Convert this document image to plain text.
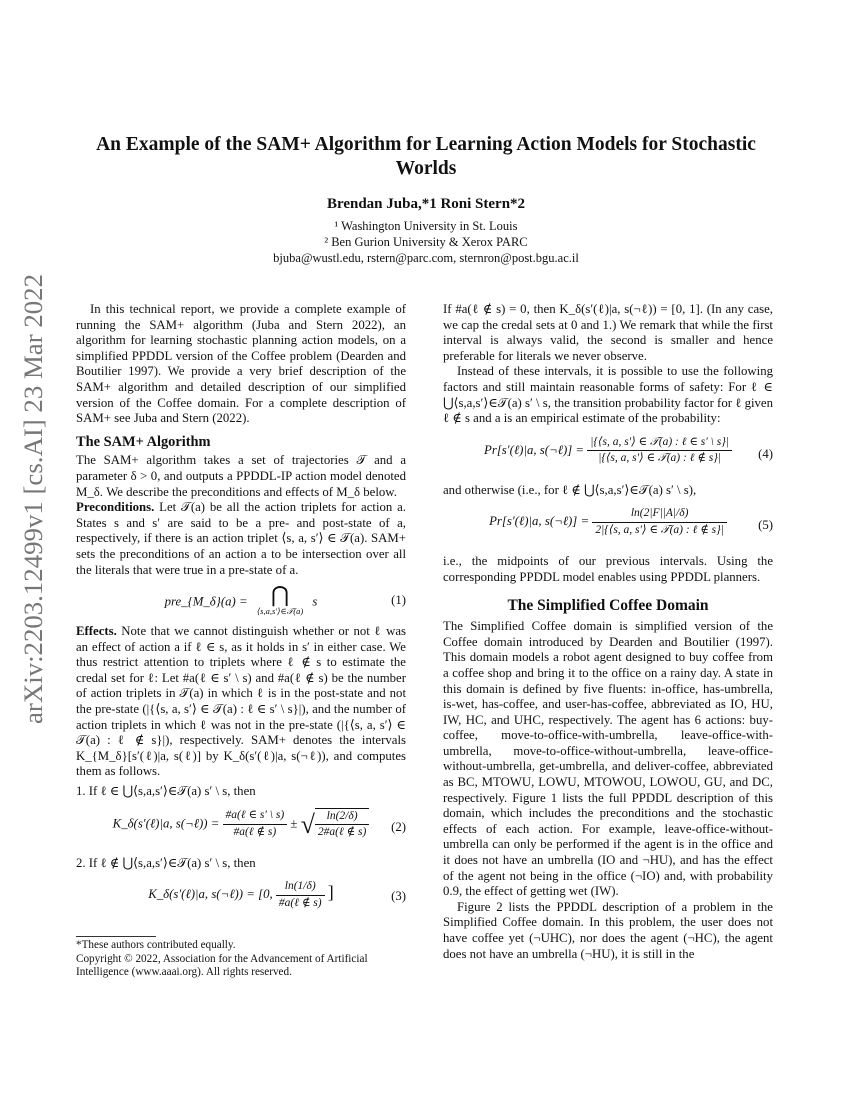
arXiv:2203.12499v1 [cs.AI] 23 Mar 2022
An Example of the SAM+ Algorithm for Learning Action Models for Stochastic
Worlds
Brendan Juba,*1 Roni Stern*2
¹ Washington University in St. Louis
² Ben Gurion University & Xerox PARC
bjuba@wustl.edu, rstern@parc.com, sternron@post.bgu.ac.il

In this technical report, we provide a complete example of running the SAM+ algorithm (Juba and Stern 2022), an algorithm for learning stochastic planning action models, on a simplified PPDDL version of the Coffee problem (Dearden and Boutilier 1997). We provide a very brief description of the SAM+ algorithm and detailed description of our simplified version of the Coffee domain. For a complete description of SAM+ see Juba and Stern (2022).

The SAM+ Algorithm

The SAM+ algorithm takes a set of trajectories 𝒯 and a parameter δ > 0, and outputs a PPDDL-IP action model denoted M_δ. We describe the preconditions and effects of M_δ below.

Preconditions. Let 𝒯(a) be all the action triplets for action a. States s and s′ are said to be a pre- and post-state of a, respectively, if there is an action triplet ⟨s, a, s′⟩ ∈ 𝒯(a). SAM+ sets the preconditions of an action a to be intersection over all the literals that were true in a pre-state of a.

pre_{M_δ}(a) =	⋂
⟨s,a,s′⟩∈𝒯(a)
s	(1)

Effects. Note that we cannot distinguish whether or not ℓ was an effect of action a if ℓ ∈ s, as it holds in s′ in either case. We thus restrict attention to triplets where ℓ ∉ s to estimate the credal set for ℓ: Let #a(ℓ ∈ s′ \ s) and #a(ℓ ∉ s) be the number of action triplets in 𝒯(a) in which ℓ is in the post-state and not the pre-state (|{⟨s, a, s′⟩ ∈ 𝒯(a) : ℓ ∈ s′ \ s}|), and the number of action triplets in which ℓ was not in the pre-state (|{⟨s, a, s′⟩ ∈ 𝒯(a) : ℓ ∉ s}|), respectively. SAM+ denotes the intervals K_{M_δ}[s′(ℓ)|a, s(ℓ)] by K_δ(s′(ℓ)|a, s(¬ℓ)), and computes them as follows.

1. If ℓ ∈ ⋃⟨s,a,s′⟩∈𝒯(a) s′ \ s, then

K_δ(s′(ℓ)|a, s(¬ℓ)) = $\frac{\text{\#a(ℓ ∈ s′ \textbackslash{} s)}}{\text{\#a(ℓ ∉ s)}}$ ± √ $\frac{\ln(2/\delta)}{\text{2\#a(ℓ ∉ s)}} (2)$

2. If ℓ ∉ ⋃⟨s,a,s′⟩∈𝒯(a) s′ \ s, then

K_δ(s′(ℓ)|a, s(¬ℓ)) = [0, $\frac{\ln(1/\delta)}{\text{\#a(ℓ ∉ s)}}$ ]	(3)
*These authors contributed equally.
Copyright © 2022, Association for the Advancement of Artificial Intelligence (www.aaai.org). All rights reserved.

If #a(ℓ ∉ s) = 0, then K_δ(s′(ℓ)|a, s(¬ℓ)) = [0, 1]. (In any case, we cap the credal sets at 0 and 1.) We remark that while the first interval is always valid, the second is smaller and hence preferable for literals we never observe.

Instead of these intervals, it is possible to use the following factors and still maintain reasonable forms of safety: For ℓ ∈ ⋃⟨s,a,s′⟩∈𝒯(a) s′ \ s, the transition probability factor for ℓ given ℓ ∉ s and a is an empirical estimate of the probability:

Pr[s′(ℓ)|a, s(¬ℓ)] = $\frac{\text{|\{⟨s, a, s′⟩ ∈ 𝒯(a) : ℓ ∈ s′ \textbackslash{} s\}|}}{\text{|\{⟨s, a, s′⟩ ∈ 𝒯(a) : ℓ ∉ s\}|}} (4)$

and otherwise (i.e., for ℓ ∉ ⋃⟨s,a,s′⟩∈𝒯(a) s′ \ s),

Pr[s′(ℓ)|a, s(¬ℓ)] = $\frac{\ln(2|F||A|/\delta)}{\text{2|\{⟨s, a, s′⟩ ∈ 𝒯(a) : ℓ ∉ s\}|}} (5)$

i.e., the midpoints of our previous intervals. Using the corresponding PPDDL model enables using PPDDL planners.

The Simplified Coffee Domain

The Simplified Coffee domain is simplified version of the Coffee domain introduced by Dearden and Boutilier (1997). This domain models a robot agent designed to buy coffee from a coffee shop and bring it to the office on a rainy day. A state in this domain is defined by five fluents: in-office, has-umbrella, is-wet, has-coffee, and user-has-coffee, abbreviated as IO, HU, IW, HC, and UHC, respectively. The agent has 6 actions: buy-coffee, move-to-office-with-umbrella, leave-office-with-umbrella, move-to-office-without-umbrella, leave-office-without-umbrella, get-umbrella, and deliver-coffee, abbreviated as BC, MTOWU, LOWU, MTOWOU, LOWOU, GU, and DC, respectively. Figure 1 lists the full PPDDL description of this domain, which includes the preconditions and the stochastic effects of each action. For example, leave-office-without-umbrella can only be performed if the agent is in the office and it does not have an umbrella (IO and ¬HU), and has the effect of the agent not being in the office (¬IO) and, with probability 0.9, the effect of getting wet (IW).

Figure 2 lists the PPDDL description of a problem in the Simplified Coffee domain. In this problem, the user does not have coffee yet (¬UHC), nor does the agent (¬HC), the agent does not have an umbrella (¬HU), it is still in the
